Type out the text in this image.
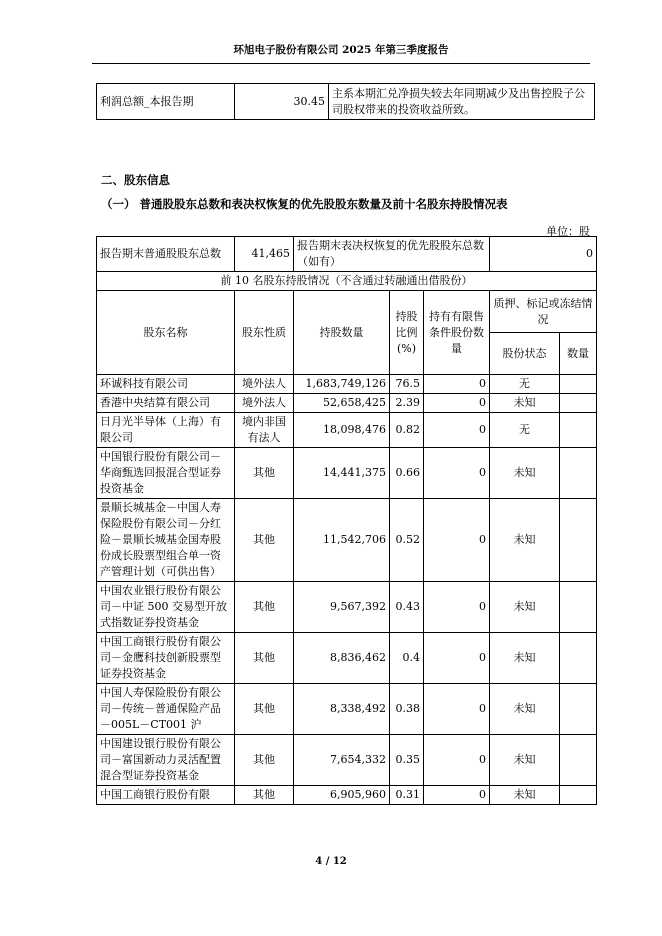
环旭电子股份有限公司 2025 年第三季度报告
利润总额_本报告期	30.45	主系本期汇兑净损失较去年同期减少及出售控股子公司股权带来的投资收益所致。
二、股东信息
（一） 普通股股东总数和表决权恢复的优先股股东数量及前十名股东持股情况表
单位：股
报告期末普通股股东总数	41,465	报告期末表决权恢复的优先股股东总数（如有）			0	
前 10 名股东持股情况（不含通过转融通出借股份）						
股东名称	股东性质	持股数量	持股比例(%)	持有有限售条件股份数量	质押、标记或冻结情况	
					股份状态	数量
环诚科技有限公司	境外法人	1,683,749,126	76.5	0	无	
香港中央结算有限公司	境外法人	52,658,425	2.39	0	未知	
日月光半导体（上海）有限公司	境内非国有法人	18,098,476	0.82	0	无	
中国银行股份有限公司－华商甄选回报混合型证券投资基金	其他	14,441,375	0.66	0	未知	
景顺长城基金－中国人寿保险股份有限公司－分红险－景顺长城基金国寿股份成长股票型组合单一资产管理计划（可供出售）	其他	11,542,706	0.52	0	未知	
中国农业银行股份有限公司－中证 500 交易型开放式指数证券投资基金	其他	9,567,392	0.43	0	未知	
中国工商银行股份有限公司－金鹰科技创新股票型证券投资基金	其他	8,836,462	0.4	0	未知	
中国人寿保险股份有限公司－传统－普通保险产品－005L－CT001 沪	其他	8,338,492	0.38	0	未知	
中国建设银行股份有限公司－富国新动力灵活配置混合型证券投资基金	其他	7,654,332	0.35	0	未知	
中国工商银行股份有限	其他	6,905,960	0.31	0	未知	
4 / 12
